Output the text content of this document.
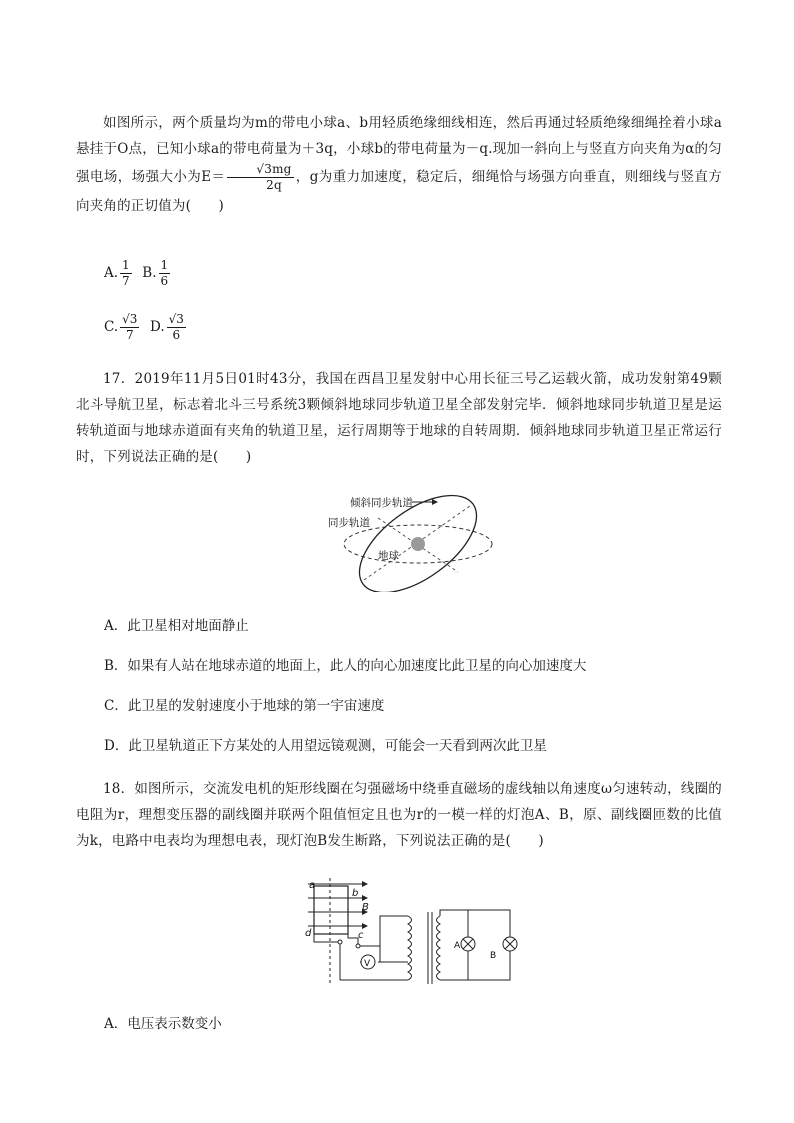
如图所示，两个质量均为m的带电小球a、b用轻质绝缘细线相连，然后再通过轻质绝缘细绳拴着小球a悬挂于O点，已知小球a的带电荷量为＋3q，小球b的带电荷量为－q.现加一斜向上与竖直方向夹角为α的匀强电场，场强大小为$E= \frac{√3mg}{2q}$ ，g为重力加速度，稳定后，细绳恰与场强方向垂直，则细线与竖直方向夹角的正切值为(　　)
A. $\frac{1}{7} B$. $\frac{1}{6}$
C. $\frac{√3}{7} D$. $\frac{√3}{6}$
17．2019年11月5日01时43分，我国在西昌卫星发射中心用长征三号乙运载火箭，成功发射第49颗北斗导航卫星，标志着北斗三号系统3颗倾斜地球同步轨道卫星全部发射完毕．倾斜地球同步轨道卫星是运转轨道面与地球赤道面有夹角的轨道卫星，运行周期等于地球的自转周期．倾斜地球同步轨道卫星正常运行时，下列说法正确的是(　　)
倾斜同步轨道
同步轨道
地球
A．此卫星相对地面静止
B．如果有人站在地球赤道的地面上，此人的向心加速度比此卫星的向心加速度大
C．此卫星的发射速度小于地球的第一宇宙速度
D．此卫星轨道正下方某处的人用望远镜观测，可能会一天看到两次此卫星
18．如图所示，交流发电机的矩形线圈在匀强磁场中绕垂直磁场的虚线轴以角速度ω匀速转动，线圈的电阻为r，理想变压器的副线圈并联两个阻值恒定且也为r的一模一样的灯泡A、B，原、副线圈匝数的比值为k，电路中电表均为理想电表，现灯泡B发生断路，下列说法正确的是(　　)
a
b
c
d
B
V
A
B
A．电压表示数变小
